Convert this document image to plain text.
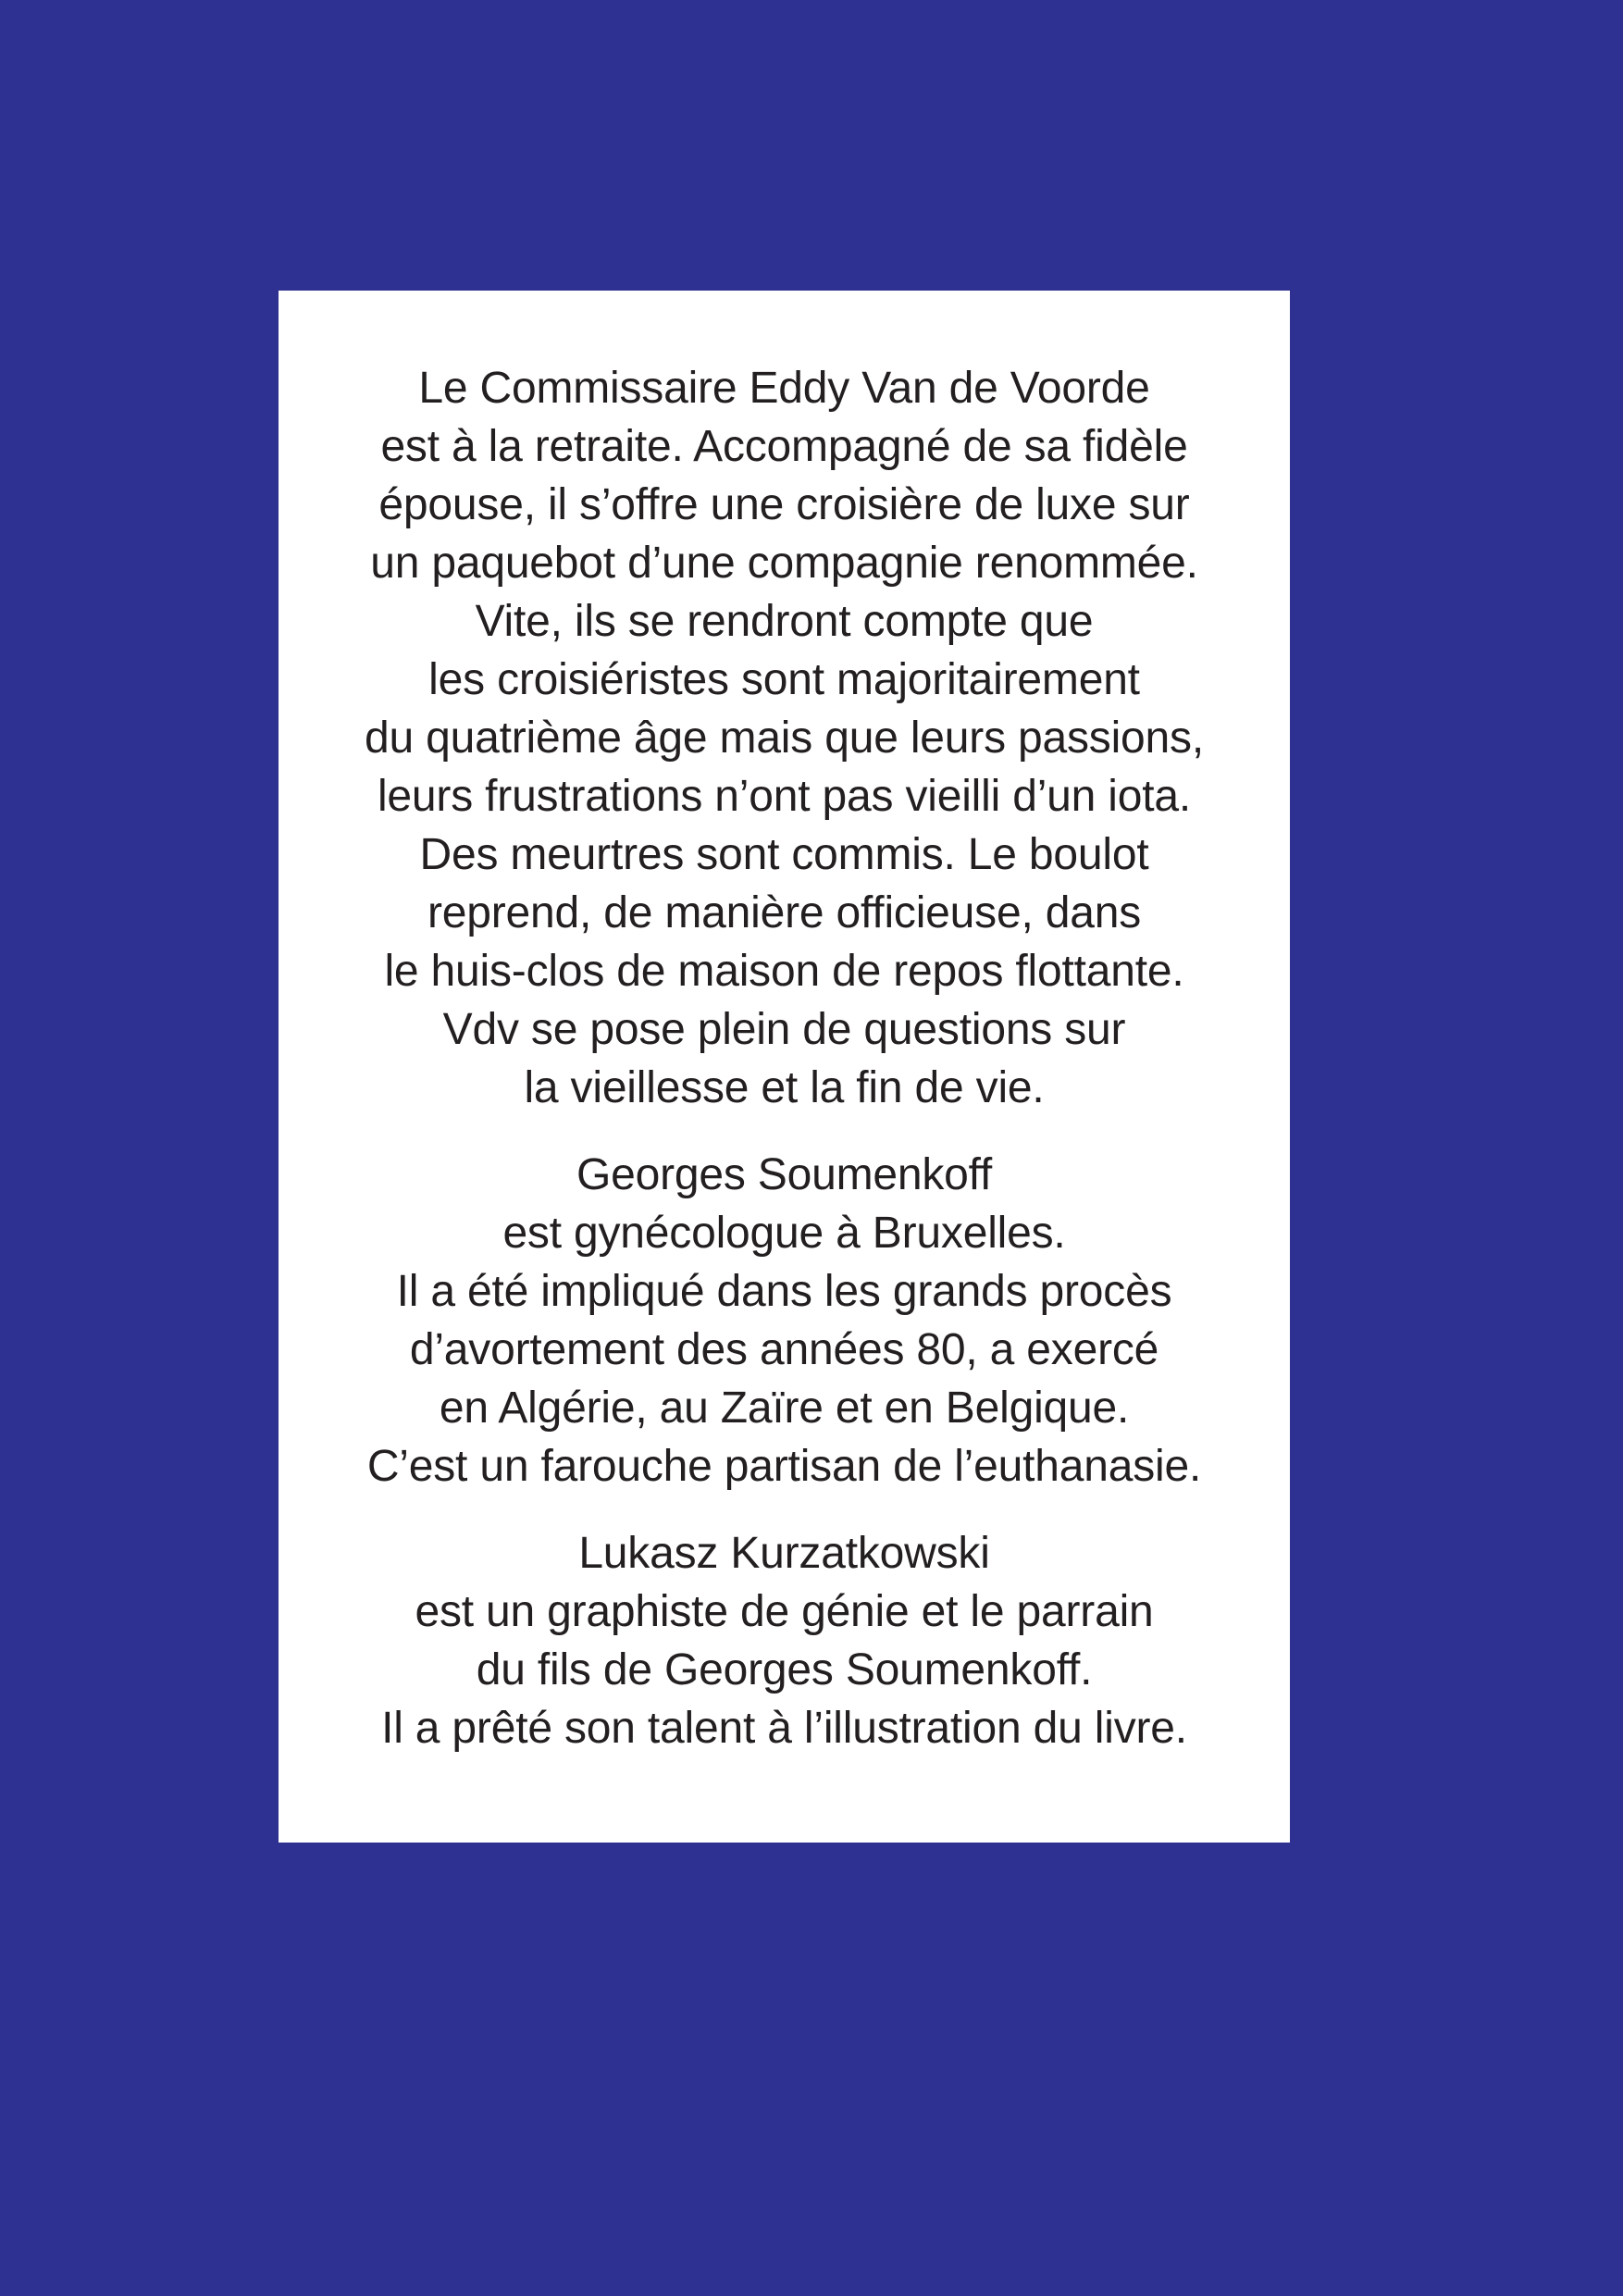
Le Commissaire Eddy Van de Voorde
est à la retraite. Accompagné de sa fidèle
épouse, il s’offre une croisière de luxe sur
un paquebot d’une compagnie renommée.
Vite, ils se rendront compte que
les croisiéristes sont majoritairement
du quatrième âge mais que leurs passions,
leurs frustrations n’ont pas vieilli d’un iota.
Des meurtres sont commis. Le boulot
reprend, de manière officieuse, dans
le huis-clos de maison de repos flottante.
Vdv se pose plein de questions sur
la vieillesse et la fin de vie.

Georges Soumenkoff
est gynécologue à Bruxelles.
Il a été impliqué dans les grands procès
d’avortement des années 80, a exercé
en Algérie, au Zaïre et en Belgique.
C’est un farouche partisan de l’euthanasie.

Lukasz Kurzatkowski
est un graphiste de génie et le parrain
du fils de Georges Soumenkoff.
Il a prêté son talent à l’illustration du livre.
